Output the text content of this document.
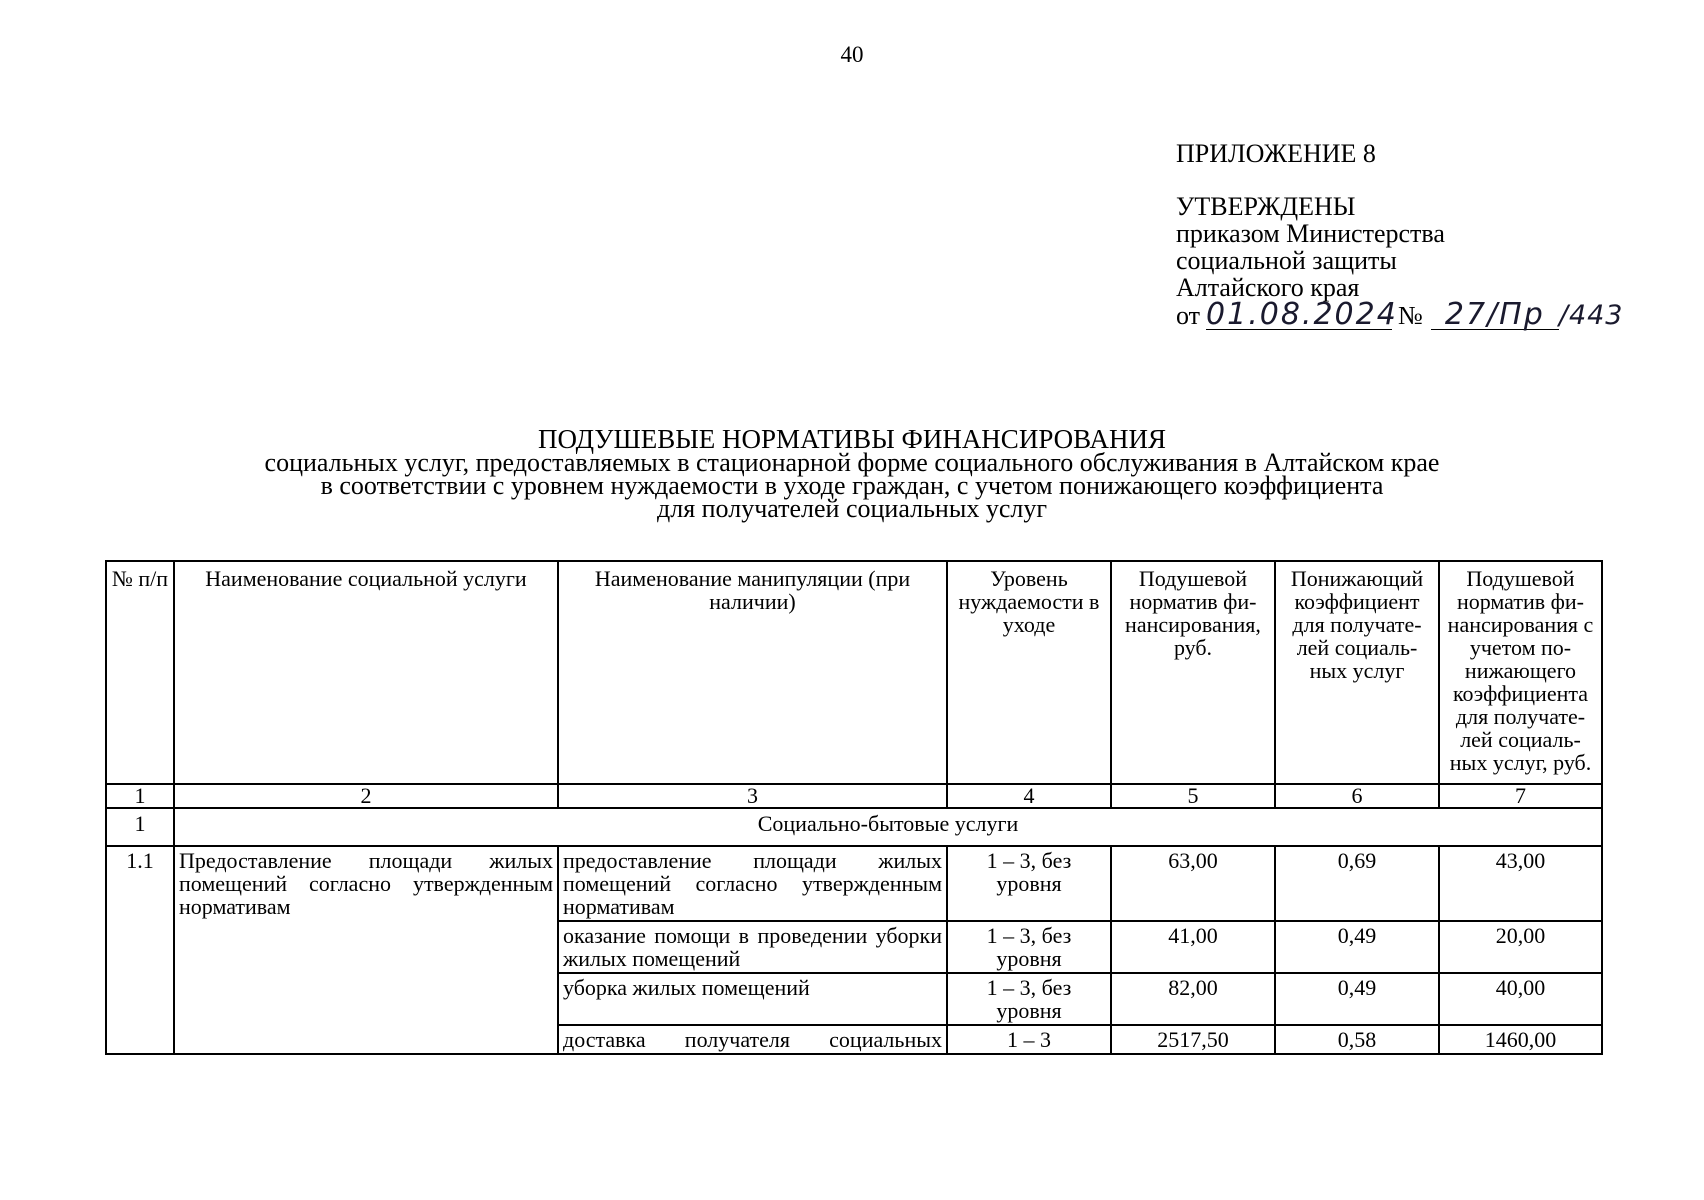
40

ПРИЛОЖЕНИЕ 8

УТВЕРЖДЕНЫ

приказом Министерства

социальной защиты

Алтайского края

от 01.08.2024 № 27/Пр /443
ПОДУШЕВЫЕ НОРМАТИВЫ ФИНАНСИРОВАНИЯ
социальных услуг, предоставляемых в стационарной форме социального обслуживания в Алтайском крае
в соответствии с уровнем нуждаемости в уходе граждан, с учетом понижающего коэффициента
для получателей социальных услуг
№ п/п	Наименование социальной услуги	Наименование манипуляции (при наличии)	Уровень нуждаемости в уходе	Подушевой норматив фи-нансирования, руб.	Понижающий коэффициент для получате-лей социаль-ных услуг	Подушевой норматив фи-нансирования с учетом по-нижающего коэффициента для получате-лей социаль-ных услуг, руб.
1	2	3	4	5	6	7
1	Социально-бытовые услуги					
1.1	Предоставление площади жилых помещений согласно утвержденным нормативам	предоставление площади жилых помещений согласно утвержденным нормативам	1 – 3, без уровня	63,00	0,69	43,00
		оказание помощи в проведении уборки жилых помещений	1 – 3, без уровня	41,00	0,49	20,00
		уборка жилых помещений	1 – 3, без уровня	82,00	0,49	40,00
		доставка получателя социальных	1 – 3	2517,50	0,58	1460,00
